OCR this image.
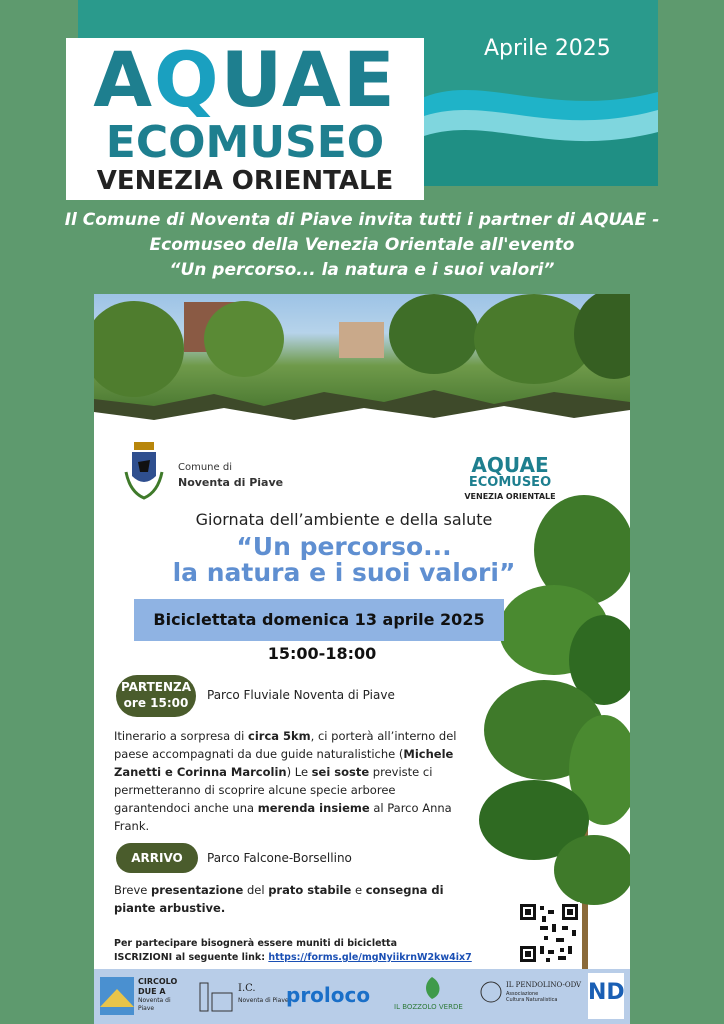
AQUAE
ECOMUSEO
VENEZIA ORIENTALE
Aprile 2025
Il Comune di Noventa di Piave invita tutti i partner di AQUAE -
Ecomuseo della Venezia Orientale all'evento
“Un percorso... la natura e i suoi valori”
Comune di
Noventa di Piave
AQUAE
ECOMUSEO
VENEZIA ORIENTALE
Giornata dell’ambiente e della salute
“Un percorso...
la natura e i suoi valori”
Biciclettata domenica 13 aprile 2025
15:00-18:00
PARTENZA
ore 15:00
Parco Fluviale Noventa di Piave
Itinerario a sorpresa di circa 5km, ci porterà all’interno del paese accompagnati da due guide naturalistiche (Michele Zanetti e Corinna Marcolin) Le sei soste previste ci permetteranno di scoprire alcune specie arboree garantendoci anche una merenda insieme al Parco Anna Frank.
ARRIVO	Parco Falcone-Borsellino
Breve presentazione del prato stabile e consegna di piante arbustive.
Per partecipare bisognerà essere muniti di bicicletta
ISCRIZIONI al seguente link: https://forms.gle/mgNyiikrnW2kw4ix7
CIRCOLO
DUE A
Noventa di
Piave
I.C.
Noventa di Piave
proloco	IL BOZZOLO VERDE
IL PENDOLINO-ODV
Associazione
Cultura Naturalistica ND
